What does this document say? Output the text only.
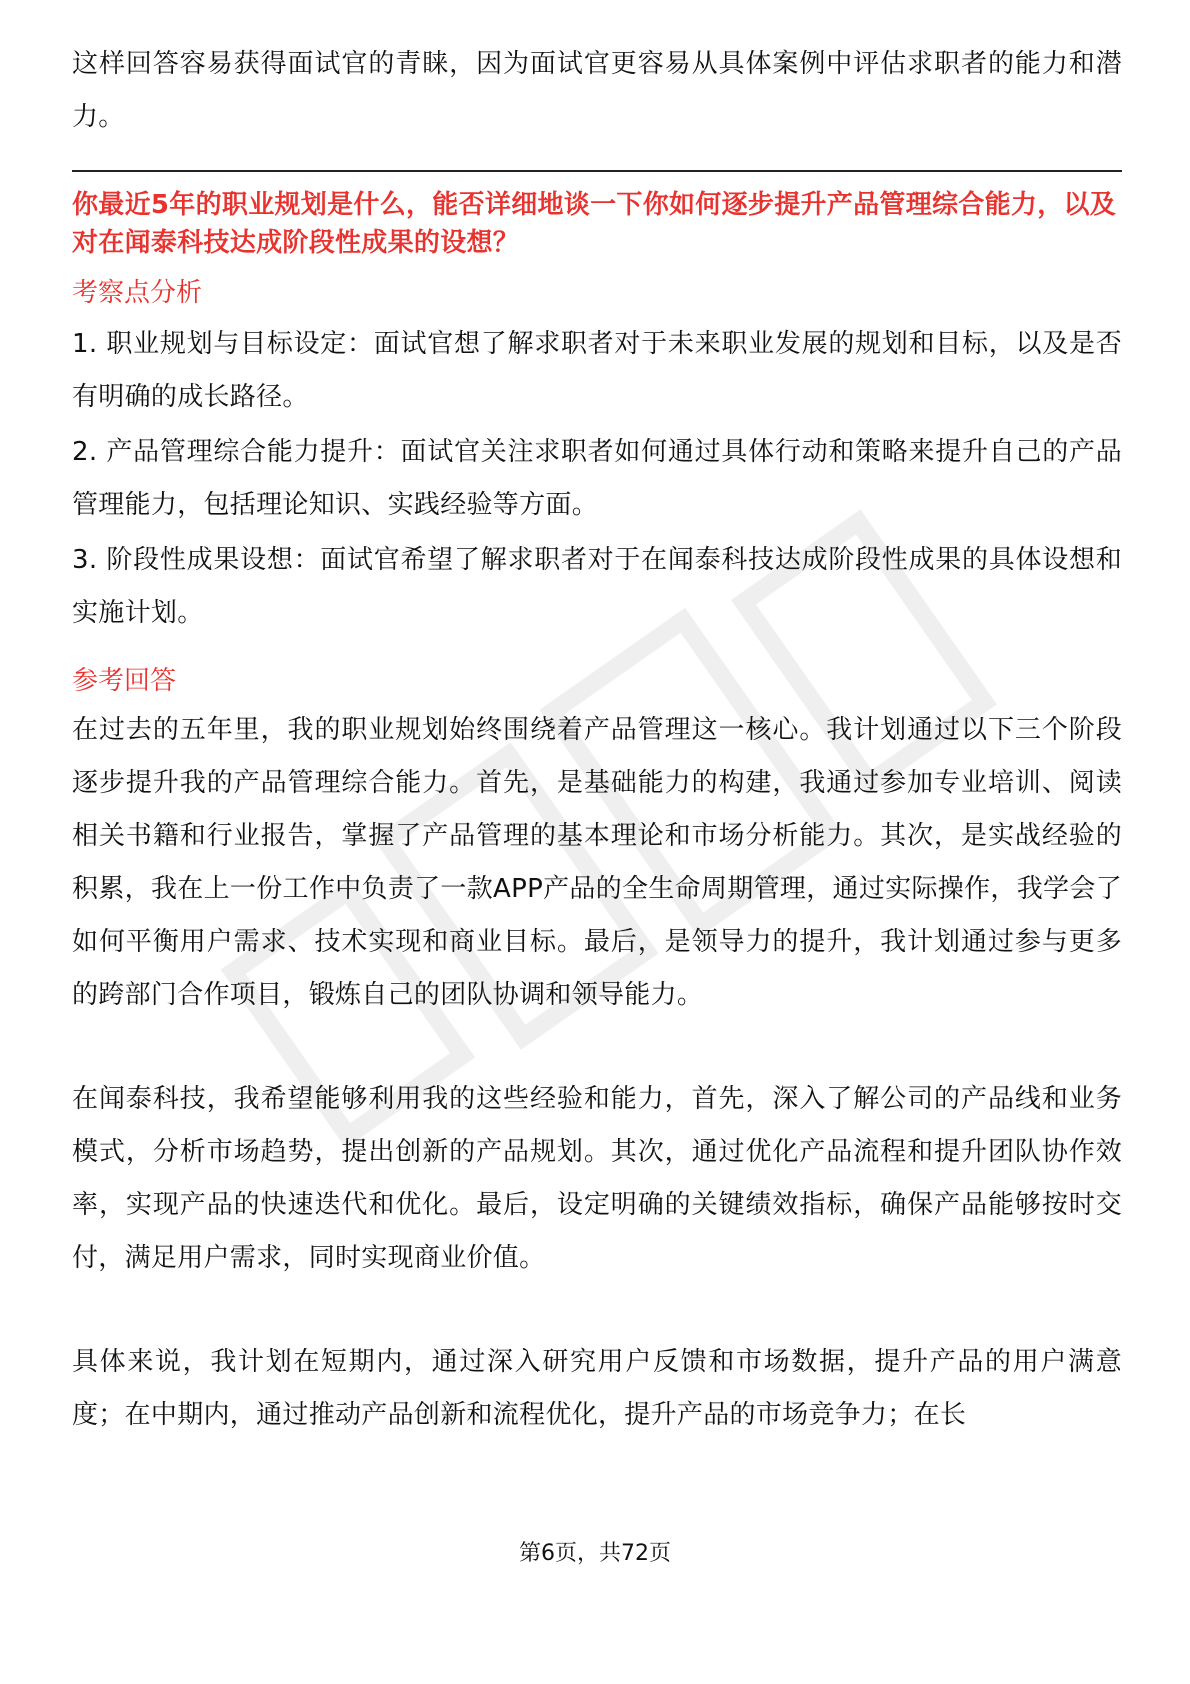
这样回答容易获得面试官的青睐，因为面试官更容易从具体案例中评估求职者的能力和潜力。

你最近5年的职业规划是什么，能否详细地谈一下你如何逐步提升产品管理综合能力，以及对在闻泰科技达成阶段性成果的设想？

考察点分析

1. 职业规划与目标设定：面试官想了解求职者对于未来职业发展的规划和目标，以及是否有明确的成长路径。

2. 产品管理综合能力提升：面试官关注求职者如何通过具体行动和策略来提升自己的产品管理能力，包括理论知识、实践经验等方面。

3. 阶段性成果设想：面试官希望了解求职者对于在闻泰科技达成阶段性成果的具体设想和实施计划。

参考回答

在过去的五年里，我的职业规划始终围绕着产品管理这一核心。我计划通过以下三个阶段逐步提升我的产品管理综合能力。首先，是基础能力的构建，我通过参加专业培训、阅读相关书籍和行业报告，掌握了产品管理的基本理论和市场分析能力。其次，是实战经验的积累，我在上一份工作中负责了一款APP产品的全生命周期管理，通过实际操作，我学会了如何平衡用户需求、技术实现和商业目标。最后，是领导力的提升，我计划通过参与更多的跨部门合作项目，锻炼自己的团队协调和领导能力。

在闻泰科技，我希望能够利用我的这些经验和能力，首先，深入了解公司的产品线和业务模式，分析市场趋势，提出创新的产品规划。其次，通过优化产品流程和提升团队协作效率，实现产品的快速迭代和优化。最后，设定明确的关键绩效指标，确保产品能够按时交付，满足用户需求，同时实现商业价值。

具体来说，我计划在短期内，通过深入研究用户反馈和市场数据，提升产品的用户满意度；在中期内，通过推动产品创新和流程优化，提升产品的市场竞争力；在长

第6页，共72页
